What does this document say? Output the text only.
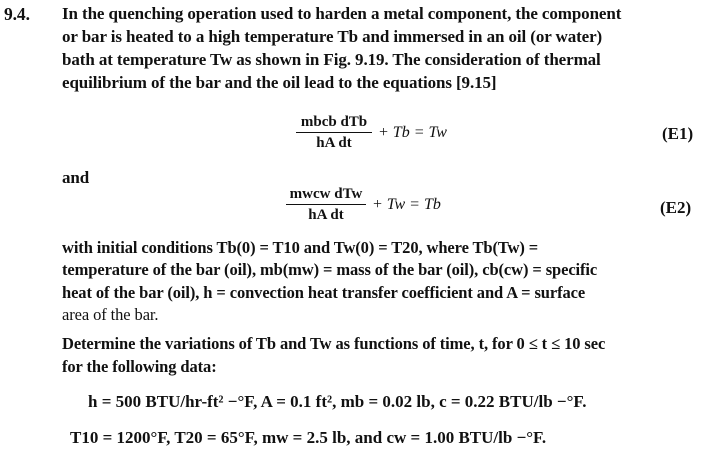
9.4. In the quenching operation used to harden a metal component, the component
or bar is heated to a high temperature Tb and immersed in an oil (or water)
bath at temperature Tw as shown in Fig. 9.19. The consideration of thermal
equilibrium of the bar and the oil lead to the equations [9.15]
mbcb dTb
hA dt
+ Tb = Tw	(E1)
and
mwcw dTw
hA dt
+ Tw = Tb	(E2)
with initial conditions Tb(0) = T10 and Tw(0) = T20, where Tb(Tw) =
temperature of the bar (oil), mb(mw) = mass of the bar (oil), cb(cw) = specific
heat of the bar (oil), h = convection heat transfer coefficient and A = surface
area of the bar.
Determine the variations of Tb and Tw as functions of time, t, for 0 ≤ t ≤ 10 sec
for the following data:
h = 500 BTU/hr-ft² −°F, A = 0.1 ft², mb = 0.02 lb, c = 0.22 BTU/lb −°F.
T10 = 1200°F, T20 = 65°F, mw = 2.5 lb, and cw = 1.00 BTU/lb −°F.
